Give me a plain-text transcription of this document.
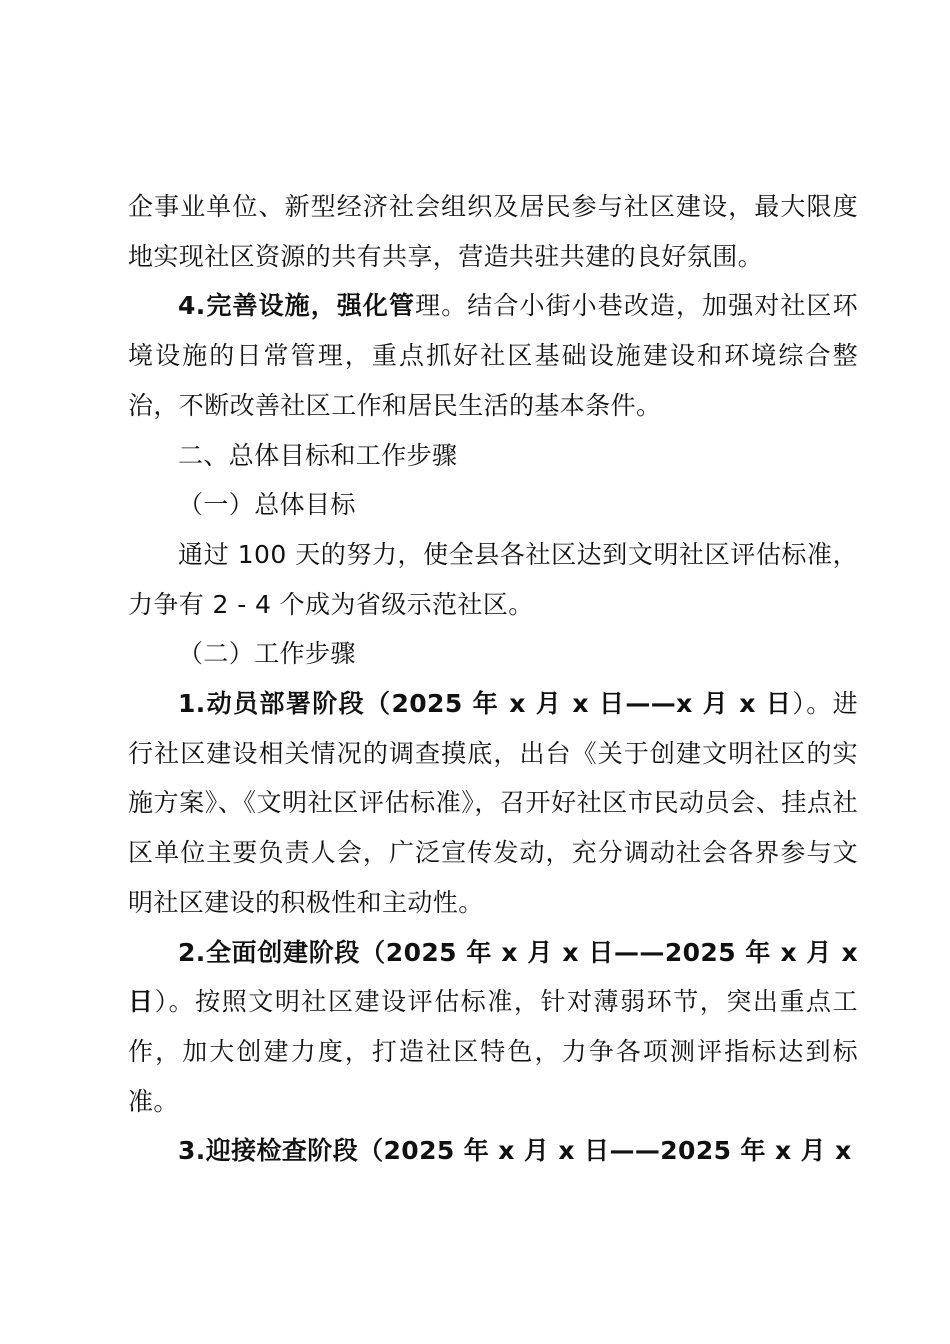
企事业单位、新型经济社会组织及居民参与社区建设，最大限度地实现社区资源的共有共享，营造共驻共建的良好氛围。

4.完善设施，强化管理。结合小街小巷改造，加强对社区环境设施的日常管理，重点抓好社区基础设施建设和环境综合整治，不断改善社区工作和居民生活的基本条件。

二、总体目标和工作步骤

（一）总体目标

通过 100 天的努力，使全县各社区达到文明社区评估标准，力争有 2 - 4 个成为省级示范社区。

（二）工作步骤

1.动员部署阶段（2025 年 x 月 x 日——x 月 x 日）。进行社区建设相关情况的调查摸底，出台《关于创建文明社区的实施方案》、《文明社区评估标准》，召开好社区市民动员会、挂点社区单位主要负责人会，广泛宣传发动，充分调动社会各界参与文明社区建设的积极性和主动性。

2.全面创建阶段（2025 年 x 月 x 日——2025 年 x 月 x 日）。按照文明社区建设评估标准，针对薄弱环节，突出重点工作，加大创建力度，打造社区特色，力争各项测评指标达到标准。

3.迎接检查阶段（2025 年 x 月 x 日——2025 年 x 月 x
